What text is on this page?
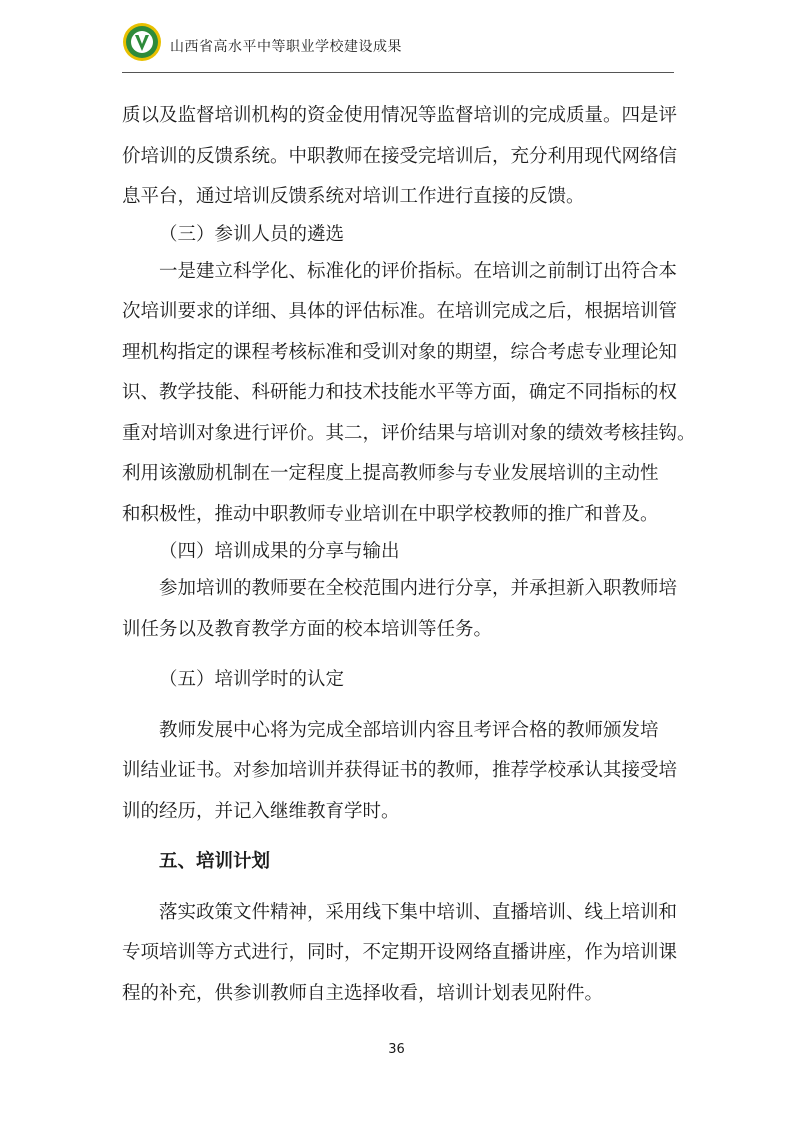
山西省高水平中等职业学校建设成果

质以及监督培训机构的资金使用情况等监督培训的完成质量。四是评

价培训的反馈系统。中职教师在接受完培训后，充分利用现代网络信

息平台，通过培训反馈系统对培训工作进行直接的反馈。

（三）参训人员的遴选

一是建立科学化、标准化的评价指标。在培训之前制订出符合本

次培训要求的详细、具体的评估标准。在培训完成之后，根据培训管

理机构指定的课程考核标准和受训对象的期望，综合考虑专业理论知

识、教学技能、科研能力和技术技能水平等方面，确定不同指标的权

重对培训对象进行评价。其二，评价结果与培训对象的绩效考核挂钩。

利用该激励机制在一定程度上提高教师参与专业发展培训的主动性

和积极性，推动中职教师专业培训在中职学校教师的推广和普及。

（四）培训成果的分享与输出

参加培训的教师要在全校范围内进行分享，并承担新入职教师培

训任务以及教育教学方面的校本培训等任务。

（五）培训学时的认定

教师发展中心将为完成全部培训内容且考评合格的教师颁发培

训结业证书。对参加培训并获得证书的教师，推荐学校承认其接受培

训的经历，并记入继维教育学时。

五、培训计划

落实政策文件精神，采用线下集中培训、直播培训、线上培训和

专项培训等方式进行，同时，不定期开设网络直播讲座，作为培训课

程的补充，供参训教师自主选择收看，培训计划表见附件。

36
